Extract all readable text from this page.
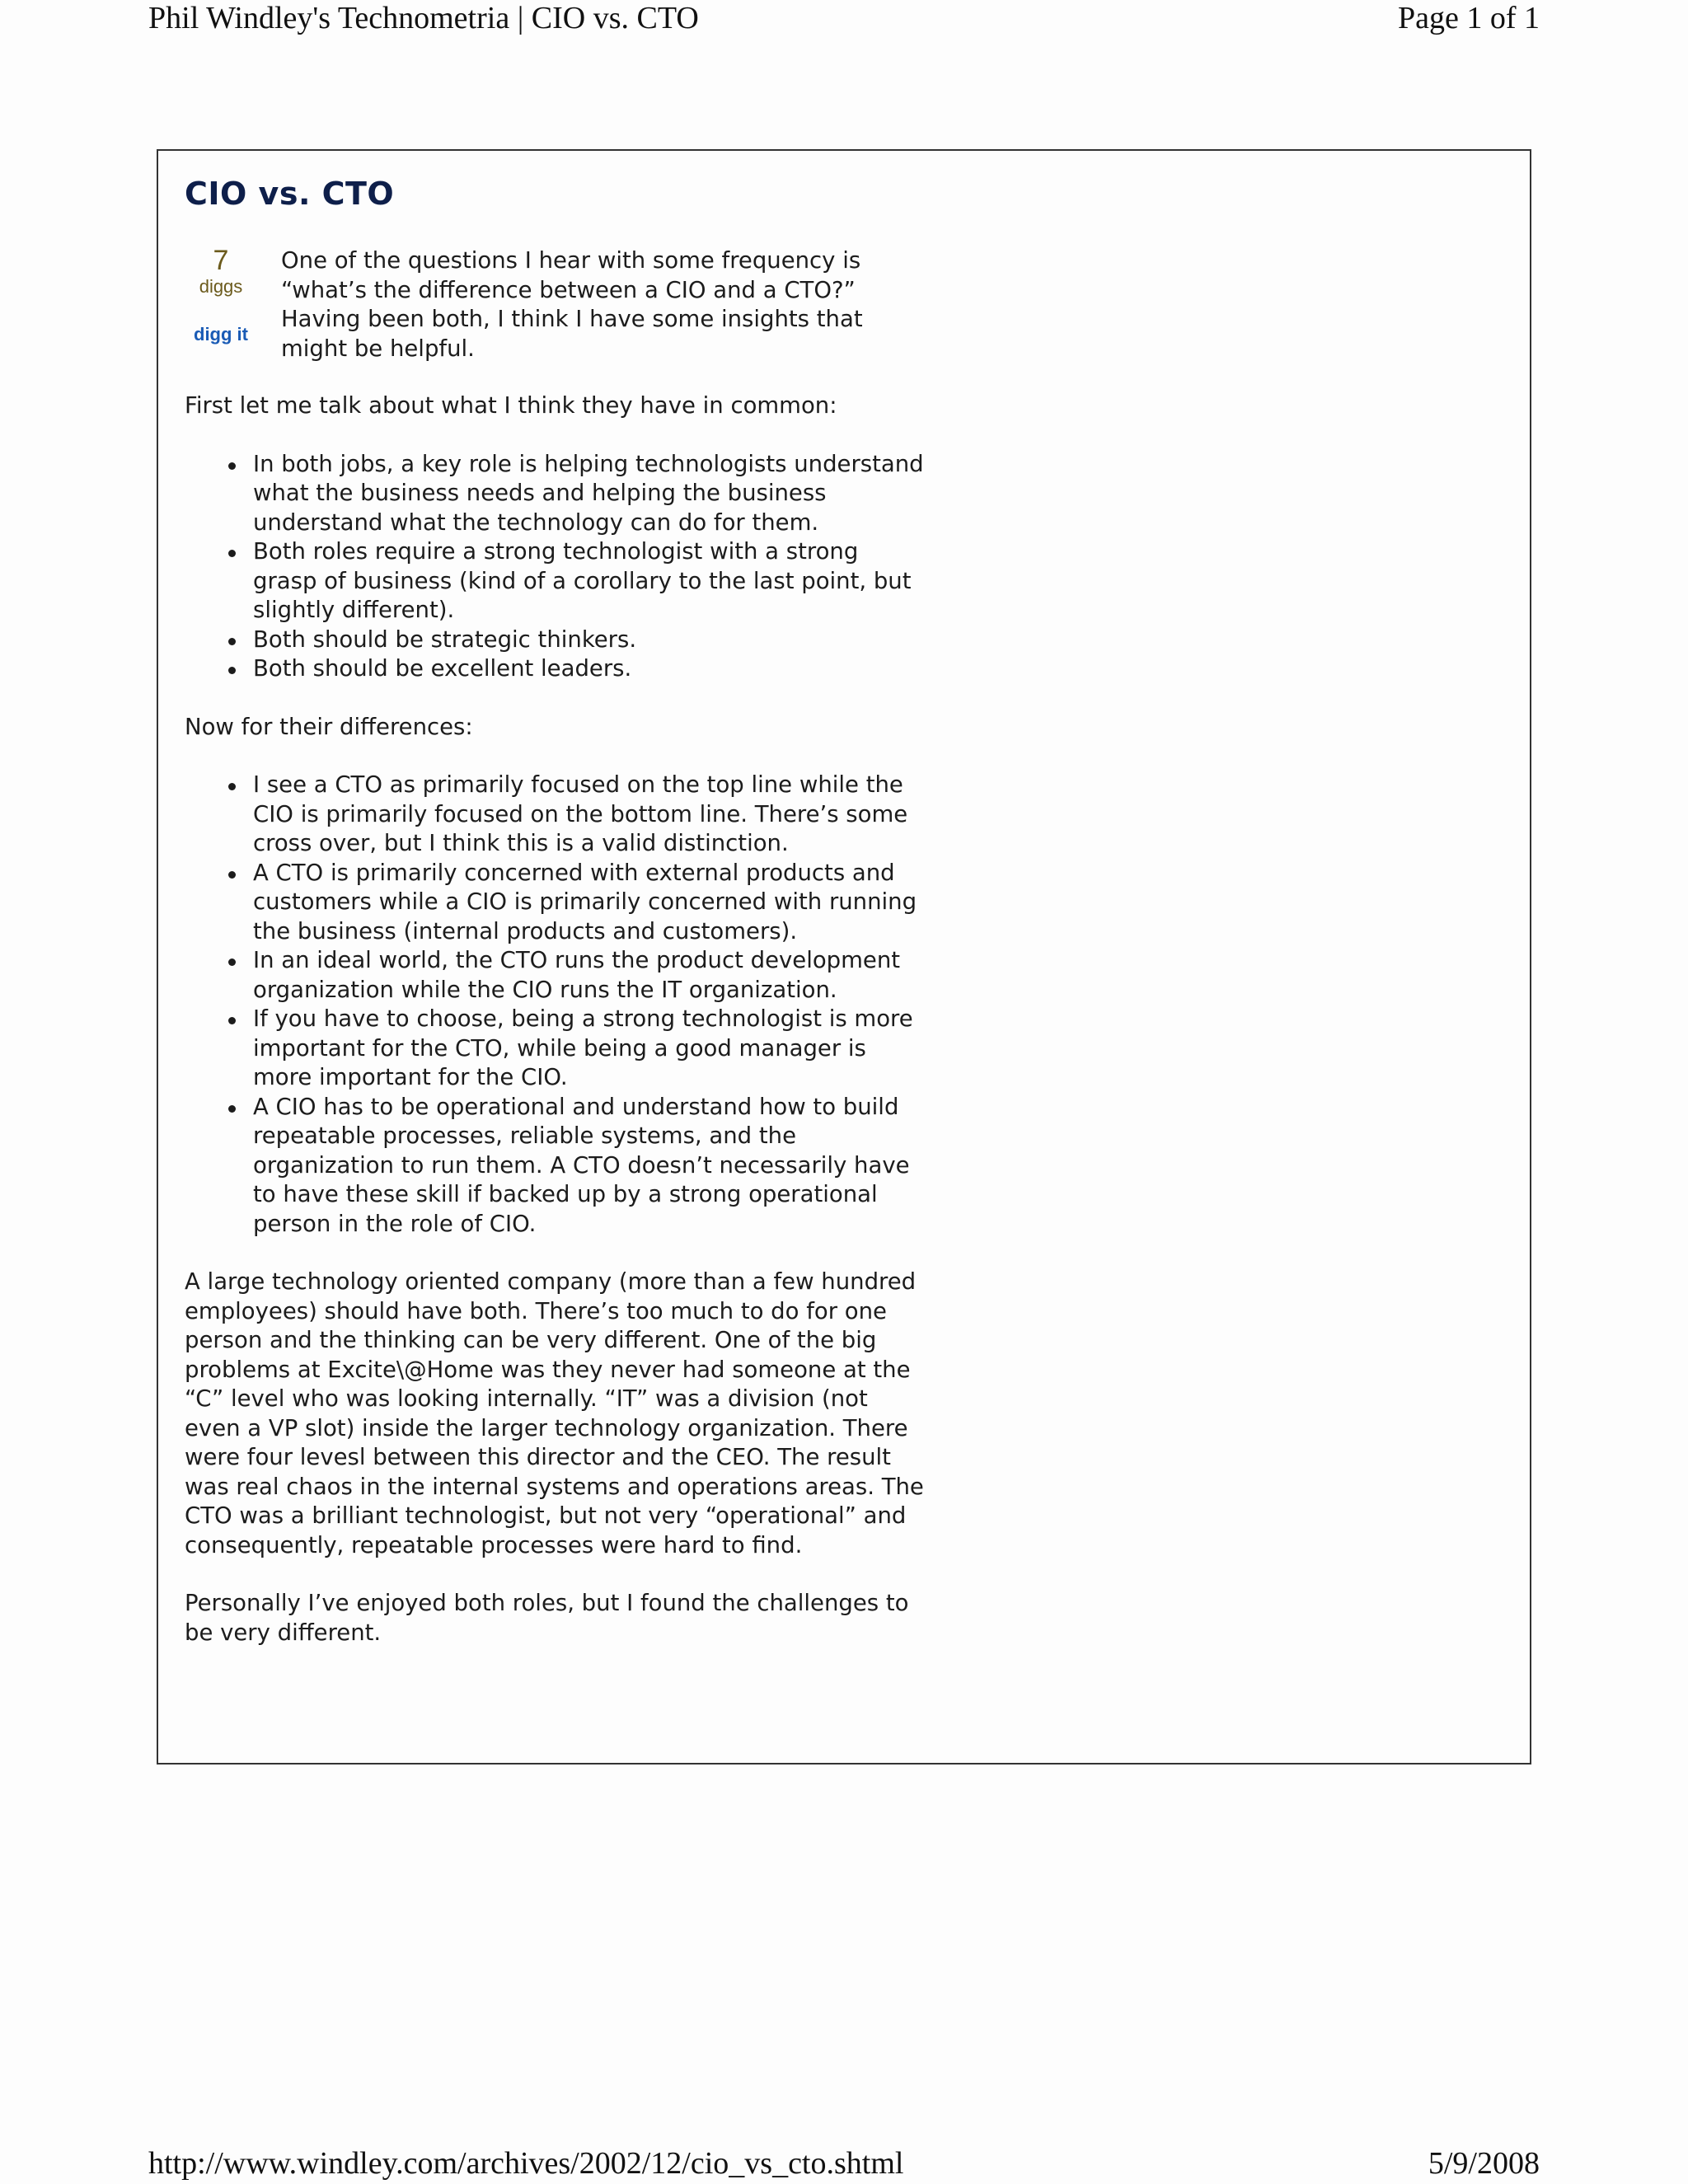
Phil Windley's Technometria | CIO vs. CTO	Page 1 of 1
CIO vs. CTO
7
diggs
digg it

One of the questions I hear with some frequency is “what’s the difference between a CIO and a CTO?” Having been both, I think I have some insights that might be helpful.

First let me talk about what I think they have in common:

In both jobs, a key role is helping technologists understand what the business needs and helping the business understand what the technology can do for them.
Both roles require a strong technologist with a strong grasp of business (kind of a corollary to the last point, but slightly different).
Both should be strategic thinkers.
Both should be excellent leaders.

Now for their differences:

I see a CTO as primarily focused on the top line while the CIO is primarily focused on the bottom line. There’s some cross over, but I think this is a valid distinction.
A CTO is primarily concerned with external products and customers while a CIO is primarily concerned with running the business (internal products and customers).
In an ideal world, the CTO runs the product development organization while the CIO runs the IT organization.
If you have to choose, being a strong technologist is more important for the CTO, while being a good manager is more important for the CIO.
A CIO has to be operational and understand how to build repeatable processes, reliable systems, and the organization to run them. A CTO doesn’t necessarily have to have these skill if backed up by a strong operational person in the role of CIO.

A large technology oriented company (more than a few hundred employees) should have both. There’s too much to do for one person and the thinking can be very different. One of the big problems at Excite\@Home was they never had someone at the “C” level who was looking internally. “IT” was a division (not even a VP slot) inside the larger technology organization. There were four levesl between this director and the CEO. The result was real chaos in the internal systems and operations areas. The CTO was a brilliant technologist, but not very “operational” and consequently, repeatable processes were hard to find.

Personally I’ve enjoyed both roles, but I found the challenges to be very different.

http://www.windley.com/archives/2002/12/cio_vs_cto.shtml	5/9/2008
